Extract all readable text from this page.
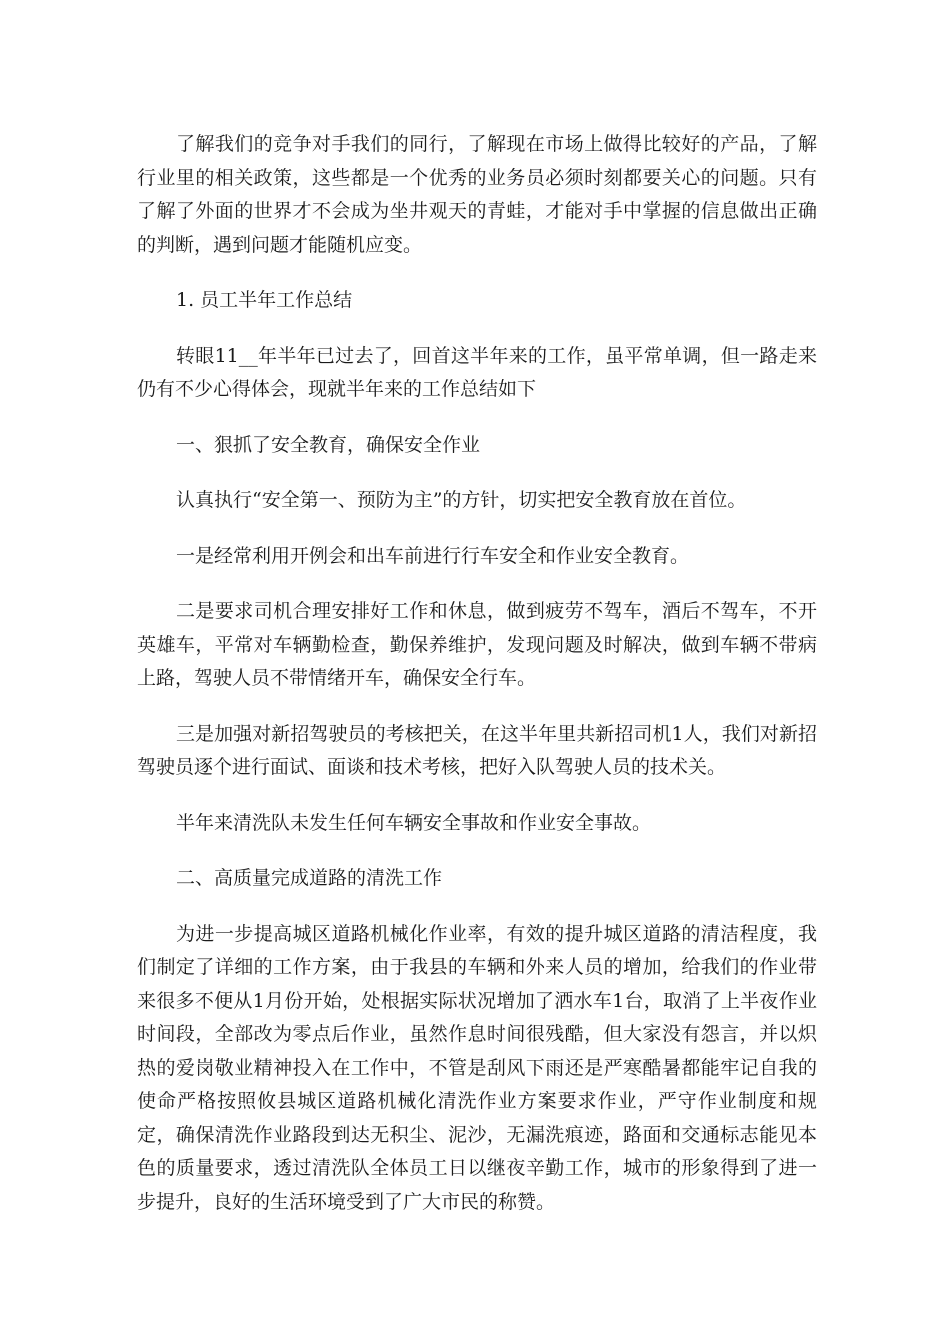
了解我们的竞争对手我们的同行，了解现在市场上做得比较好的产品，了解行业里的相关政策，这些都是一个优秀的业务员必须时刻都要关心的问题。只有了解了外面的世界才不会成为坐井观天的青蛙，才能对手中掌握的信息做出正确的判断，遇到问题才能随机应变。

1. 员工半年工作总结

转眼11__年半年已过去了，回首这半年来的工作，虽平常单调，但一路走来仍有不少心得体会，现就半年来的工作总结如下

一、狠抓了安全教育，确保安全作业

认真执行“安全第一、预防为主”的方针，切实把安全教育放在首位。

一是经常利用开例会和出车前进行行车安全和作业安全教育。

二是要求司机合理安排好工作和休息，做到疲劳不驾车，酒后不驾车，不开英雄车，平常对车辆勤检查，勤保养维护，发现问题及时解决，做到车辆不带病上路，驾驶人员不带情绪开车，确保安全行车。

三是加强对新招驾驶员的考核把关，在这半年里共新招司机1人，我们对新招驾驶员逐个进行面试、面谈和技术考核，把好入队驾驶人员的技术关。

半年来清洗队未发生任何车辆安全事故和作业安全事故。

二、高质量完成道路的清洗工作

为进一步提高城区道路机械化作业率，有效的提升城区道路的清洁程度，我们制定了详细的工作方案，由于我县的车辆和外来人员的增加，给我们的作业带来很多不便从1月份开始，处根据实际状况增加了洒水车1台，取消了上半夜作业时间段，全部改为零点后作业，虽然作息时间很残酷，但大家没有怨言，并以炽热的爱岗敬业精神投入在工作中，不管是刮风下雨还是严寒酷暑都能牢记自我的使命严格按照攸县城区道路机械化清洗作业方案要求作业，严守作业制度和规定，确保清洗作业路段到达无积尘、泥沙，无漏洗痕迹，路面和交通标志能见本色的质量要求，透过清洗队全体员工日以继夜辛勤工作，城市的形象得到了进一步提升，良好的生活环境受到了广大市民的称赞。
